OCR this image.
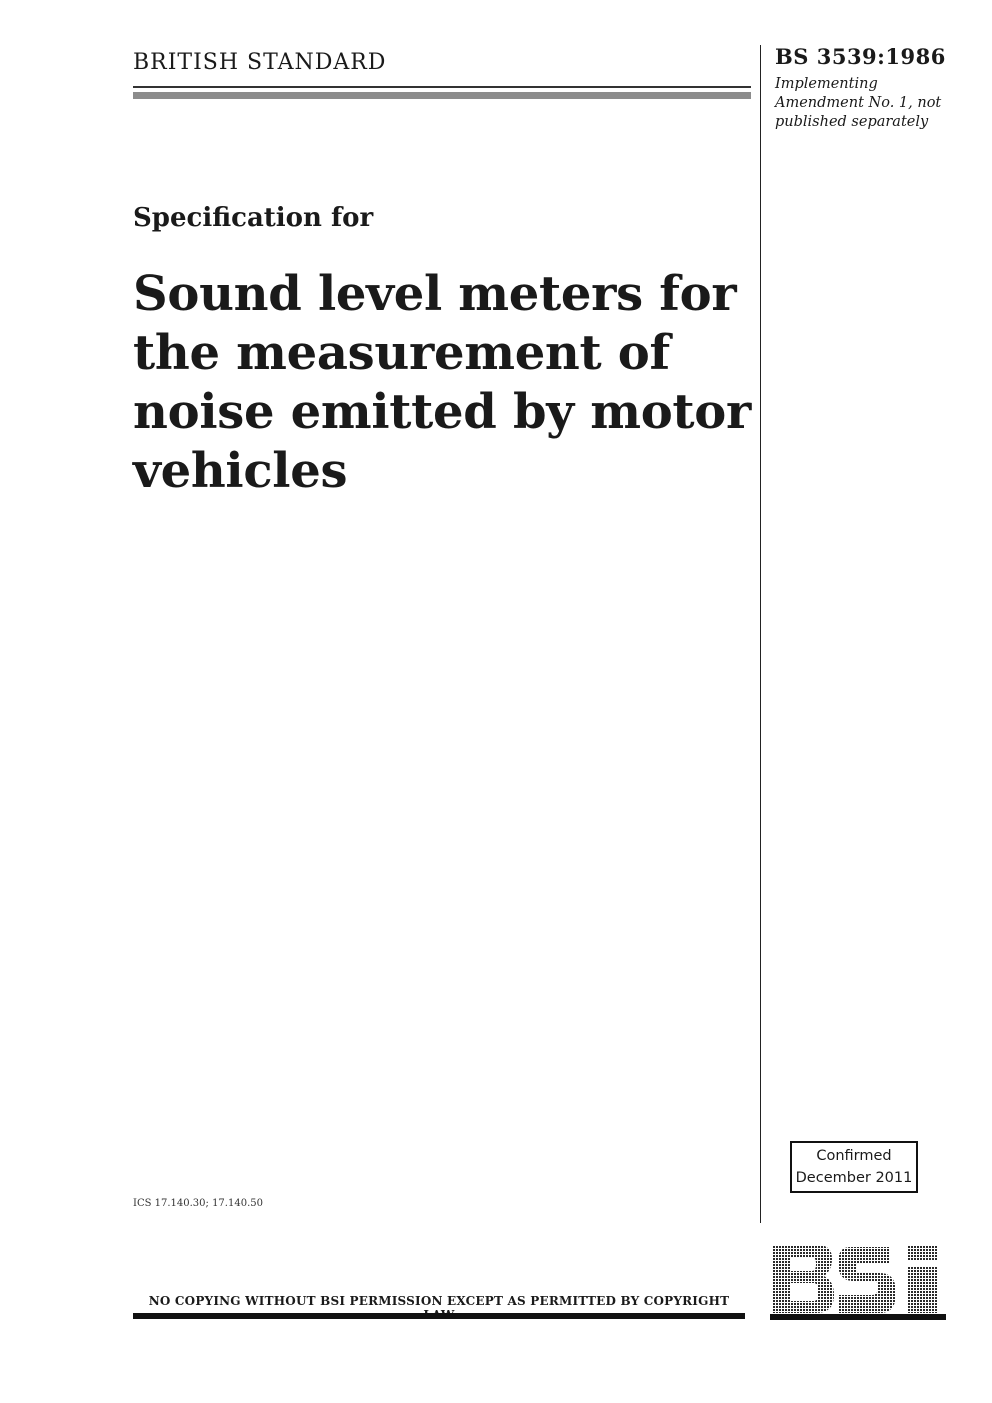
BRITISH STANDARD	BS 3539:1986
Implementing Amendment No. 1, not published separately
Specification for
Sound level meters for the measurement of noise emitted by motor vehicles
ICS 17.140.30; 17.140.50
Confirmed
December 2011
NO COPYING WITHOUT BSI PERMISSION EXCEPT AS PERMITTED BY COPYRIGHT
